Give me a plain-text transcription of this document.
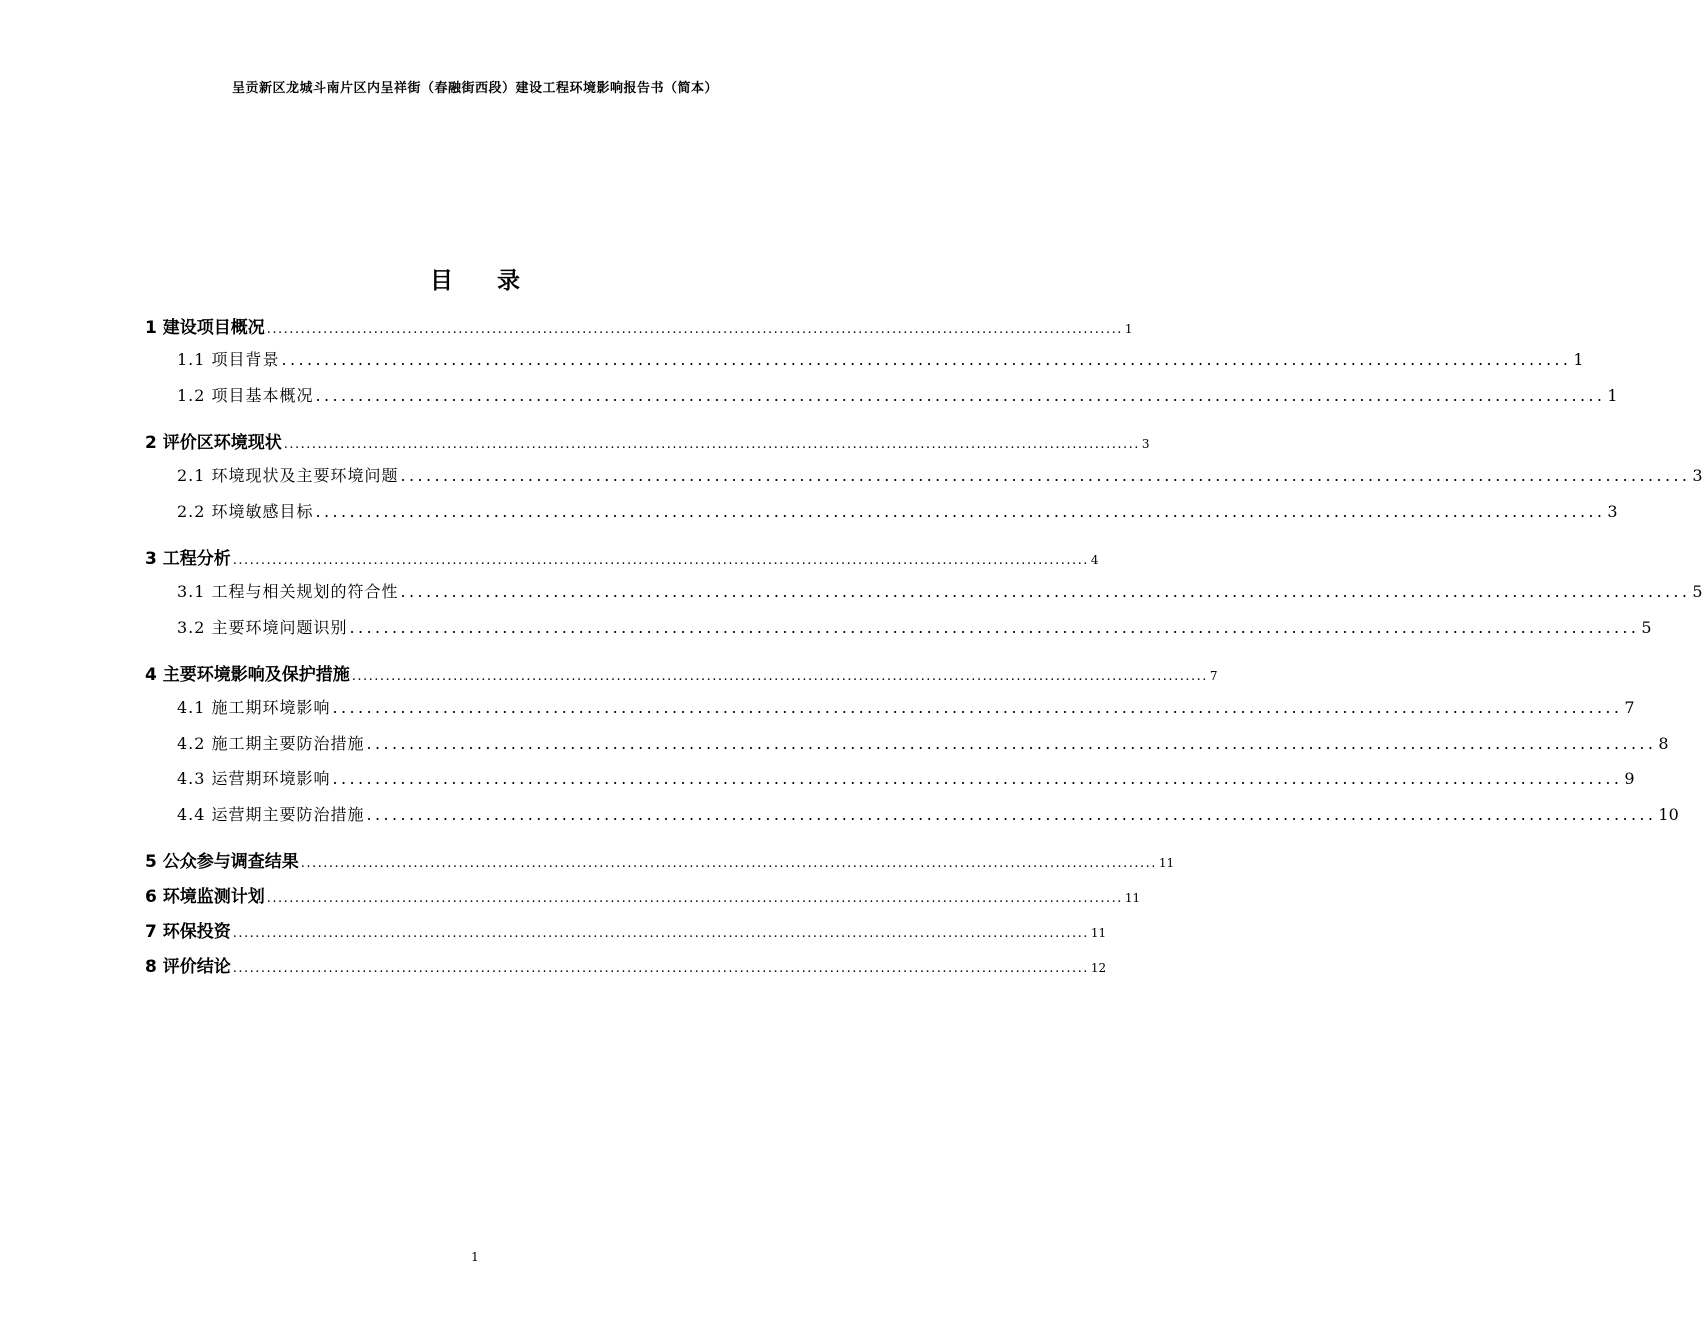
呈贡新区龙城斗南片区内呈祥街（春融街西段）建设工程环境影响报告书（简本）
目录
1 建设项目概况 ........................................................................................................................................................ 1
1.1 项目背景 ........................................................................................................................................................ 1
1.2 项目基本概况 ........................................................................................................................................................ 1
2 评价区环境现状 ........................................................................................................................................................ 3
2.1 环境现状及主要环境问题 ........................................................................................................................................................ 3
2.2 环境敏感目标 ........................................................................................................................................................ 3
3 工程分析 ........................................................................................................................................................ 4
3.1 工程与相关规划的符合性 ........................................................................................................................................................ 5
3.2 主要环境问题识别 ........................................................................................................................................................ 5
4 主要环境影响及保护措施 ........................................................................................................................................................ 7
4.1 施工期环境影响 ........................................................................................................................................................ 7
4.2 施工期主要防治措施 ........................................................................................................................................................ 8
4.3 运营期环境影响 ........................................................................................................................................................ 9
4.4 运营期主要防治措施 ........................................................................................................................................................ 10
5 公众参与调查结果 ........................................................................................................................................................ 11
6 环境监测计划 ........................................................................................................................................................ 11
7 环保投资 ........................................................................................................................................................ 11
8 评价结论 ........................................................................................................................................................ 12
1
